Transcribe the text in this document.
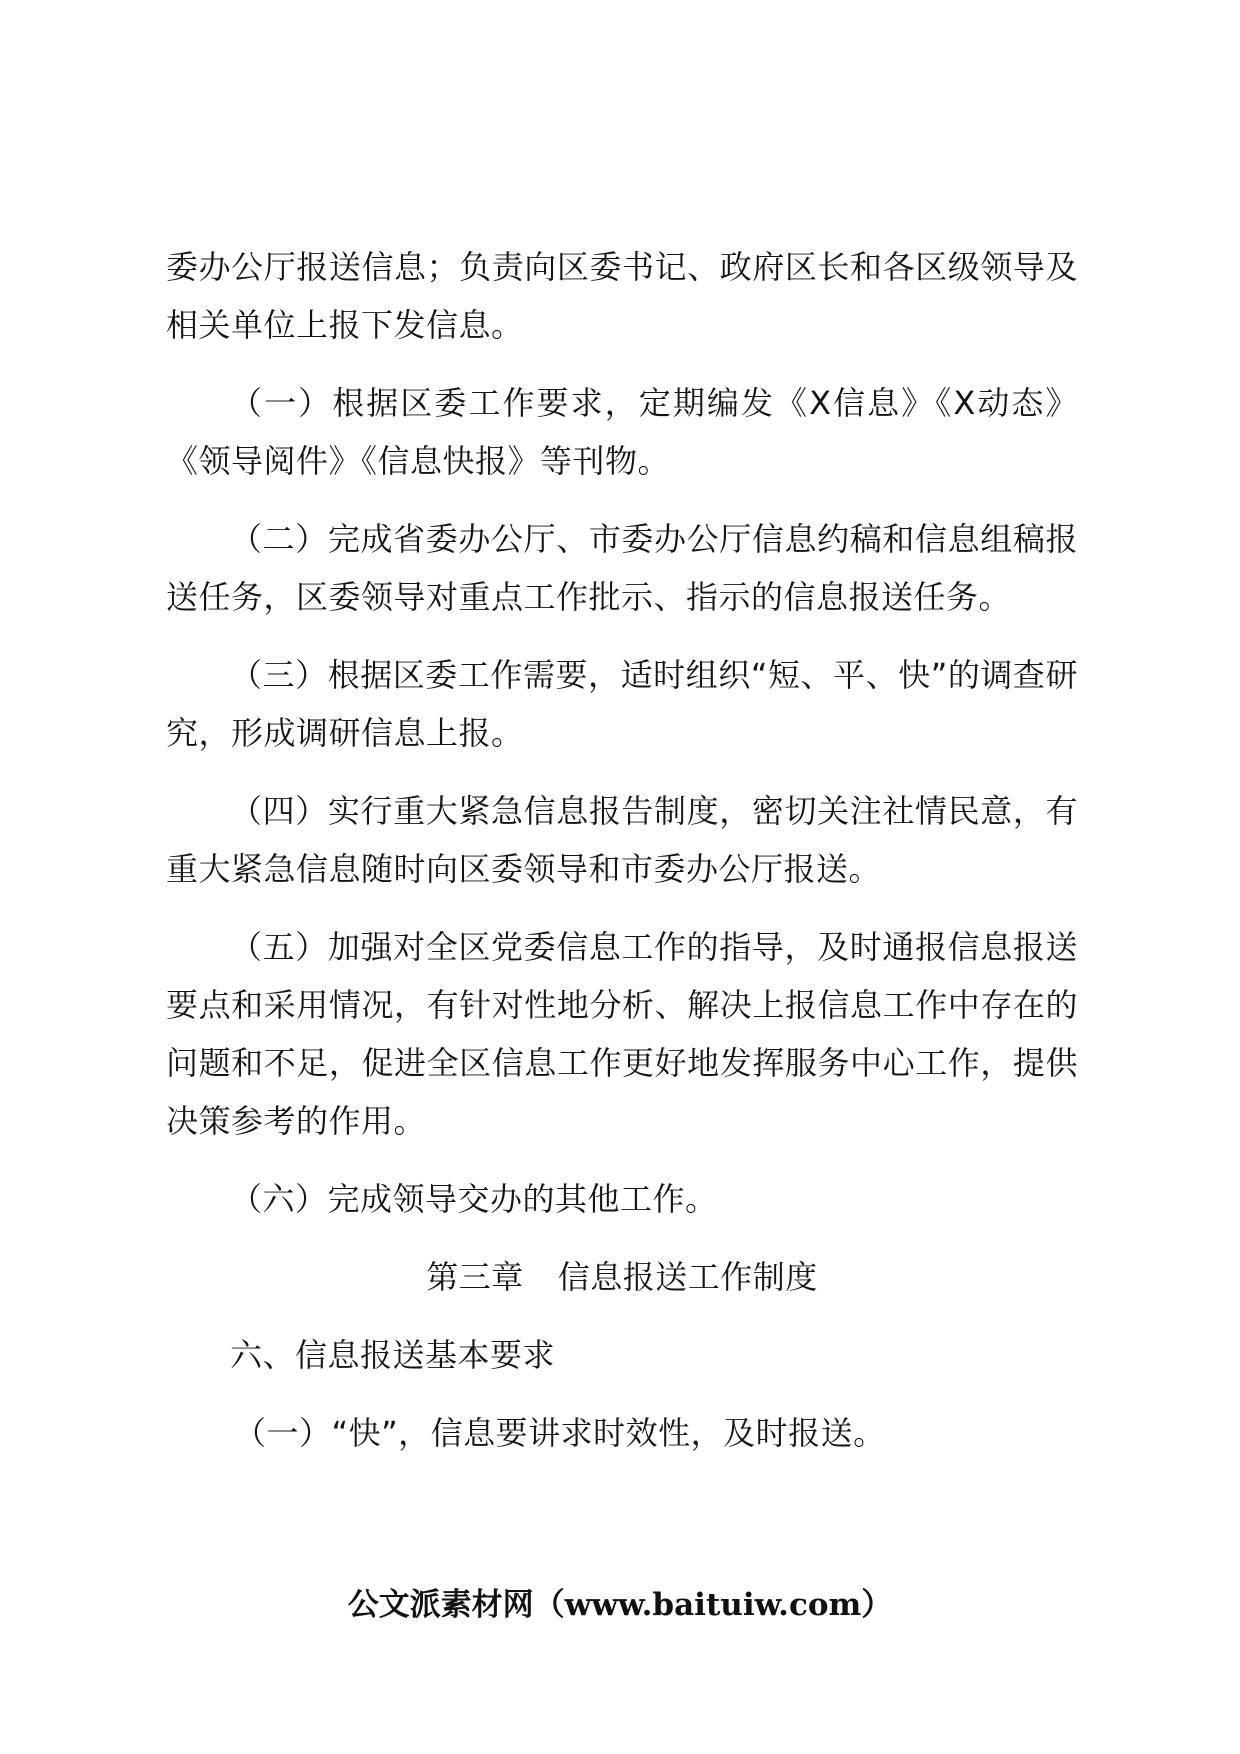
委办公厅报送信息；负责向区委书记、政府区长和各区级领导及相关单位上报下发信息。

（一）根据区委工作要求，定期编发《X信息》《X动态》《领导阅件》《信息快报》等刊物。

（二）完成省委办公厅、市委办公厅信息约稿和信息组稿报送任务，区委领导对重点工作批示、指示的信息报送任务。

（三）根据区委工作需要，适时组织“短、平、快”的调查研究，形成调研信息上报。

（四）实行重大紧急信息报告制度，密切关注社情民意，有重大紧急信息随时向区委领导和市委办公厅报送。

（五）加强对全区党委信息工作的指导，及时通报信息报送要点和采用情况，有针对性地分析、解决上报信息工作中存在的问题和不足，促进全区信息工作更好地发挥服务中心工作，提供决策参考的作用。

（六）完成领导交办的其他工作。

第三章 信息报送工作制度

六、信息报送基本要求

（一）“快”，信息要讲求时效性，及时报送。

公文派素材网（www.baituiw.com）
